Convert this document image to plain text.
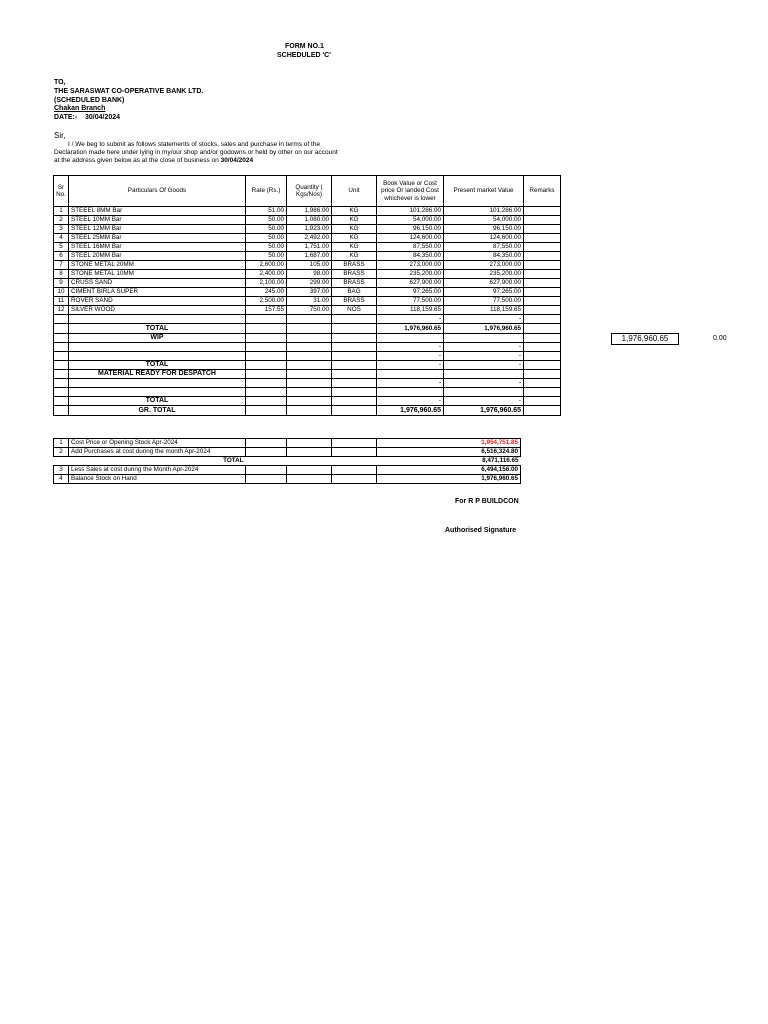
FORM NO.1
SCHEDULED 'C'
TO,
THE SARASWAT CO-OPERATIVE BANK LTD.
(SCHEDULED BANK)
Chakan Branch
DATE:- 30/04/2024
Sir,
I / We beg to submit as follows statements of stocks, sales and purchase in terms of the
Declaration made here under lying in my/our shop and/or godowns or held by other on our account
at the address given below as at the close of business on 30/04/2024
Sr No.	Particulars Of Goods	Rate (Rs.)	Quantity ( Kgs/Nos)	Unit	Book Value or Cost price Or landed Cost whichever is lower	Present market Value	Remarks
1	STEEEL 8MM Bar	51.00	1,986.00	KG	101,286.00	101,286.00	
2	STEEL 10MM Bar	50.00	1,080.00	KG	54,000.00	54,000.00	
3	STEEL 12MM Bar	50.00	1,923.00	KG	96,150.00	96,150.00	
4	STEEL 25MM Bar	50.00	2,492.00	KG	124,600.00	124,600.00	
5	STEEL 16MM Bar	50.00	1,751.00	KG	87,550.00	87,550.00	
6	STEEL 20MM Bar	50.00	1,687.00	KG	84,350.00	84,350.00	
7	STONE METAL 20MM	2,600.00	105.00	BRASS	273,000.00	273,000.00	
8	STONE METAL 10MM	2,400.00	98.00	BRASS	235,200.00	235,200.00	
9	CRUSS SAND	2,100.00	299.00	BRASS	627,900.00	627,900.00	
10	CIMENT BIRLA SUPER	245.00	397.00	BAG	97,265.00	97,265.00	
11	ROVER SAND	2,500.00	31.00	BRASS	77,500.00	77,500.00	
12	SILVER WOOD	157.55	750.00	NOS	118,159.65	118,159.65	
					-	-	
	TOTAL				1,976,960.65	1,976,960.65	
	WIP						
					-	-	
					-	-	
	TOTAL				-	-	
	MATERIAL READY FOR DESPATCH						
					-	-	

	TOTAL				-	-	
	GR. TOTAL				1,976,960.65	1,976,960.65	
1,976,960.65	0.00
1	Cost Price or Opening Stock Apr-2024				1,954,751.85
2	Add Purchases at cost during the month Apr-2024				6,516,324.80
	TOTAL				8,471,116.65
3	Less Sales at cost during the Month Apr-2024				6,494,156.00
4	Balance Stock on Hand				1,976,960.65
For R P BUILDCON
Authorised Signature
